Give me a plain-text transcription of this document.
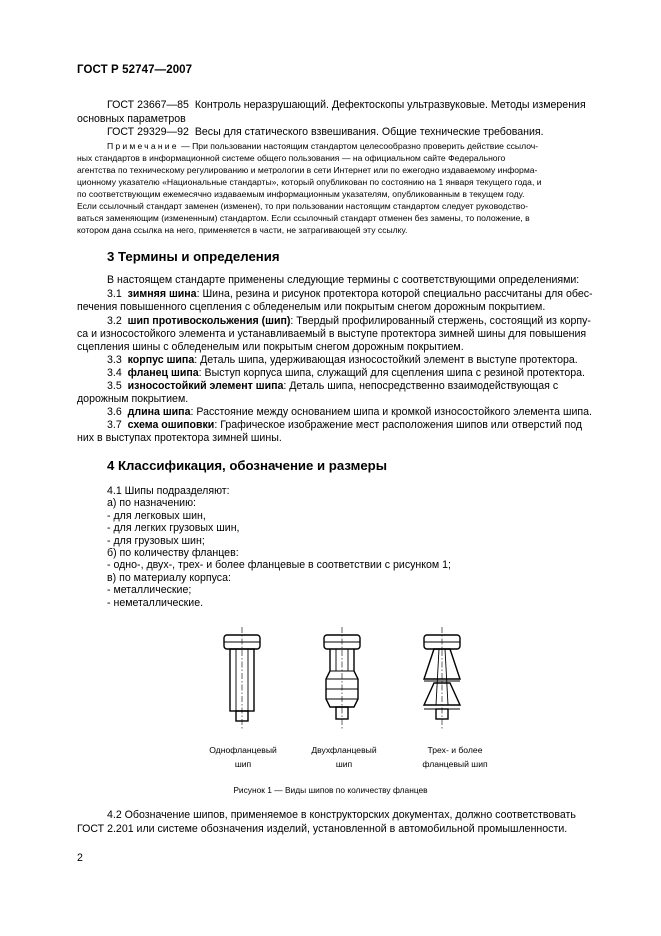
ГОСТ Р 52747—2007
ГОСТ 23667—85 Контроль неразрушающий. Дефектоскопы ультразвуковые. Методы измерения
основных параметров
ГОСТ 29329—92 Весы для статического взвешивания. Общие технические требования.
Примечание — При пользовании настоящим стандартом целесообразно проверить действие ссылоч-
ных стандартов в информационной системе общего пользования — на официальном сайте Федерального
агентства по техническому регулированию и метрологии в сети Интернет или по ежегодно издаваемому информа-
ционному указателю «Национальные стандарты», который опубликован по состоянию на 1 января текущего года, и
по соответствующим ежемесячно издаваемым информационным указателям, опубликованным в текущем году.
Если ссылочный стандарт заменен (изменен), то при пользовании настоящим стандартом следует руководство-
ваться заменяющим (измененным) стандартом. Если ссылочный стандарт отменен без замены, то положение, в
котором дана ссылка на него, применяется в части, не затрагивающей эту ссылку.
3 Термины и определения
В настоящем стандарте применены следующие термины с соответствующими определениями:
3.1 зимняя шина: Шина, резина и рисунок протектора которой специально рассчитаны для обес-
печения повышенного сцепления с обледенелым или покрытым снегом дорожным покрытием.
3.2 шип противоскольжения (шип): Твердый профилированный стержень, состоящий из корпу-
са и износостойкого элемента и устанавливаемый в выступе протектора зимней шины для повышения
сцепления шины с обледенелым или покрытым снегом дорожным покрытием.
3.3 корпус шипа: Деталь шипа, удерживающая износостойкий элемент в выступе протектора.
3.4 фланец шипа: Выступ корпуса шипа, служащий для сцепления шипа с резиной протектора.
3.5 износостойкий элемент шипа: Деталь шипа, непосредственно взаимодействующая с
дорожным покрытием.
3.6 длина шипа: Расстояние между основанием шипа и кромкой износостойкого элемента шипа.
3.7 схема ошиповки: Графическое изображение мест расположения шипов или отверстий под
них в выступах протектора зимней шины.
4 Классификация, обозначение и размеры
4.1 Шипы подразделяют:
а) по назначению:
- для легковых шин,
- для легких грузовых шин,
- для грузовых шин;
б) по количеству фланцев:
- одно-, двух-, трех- и более фланцевые в соответствии с рисунком 1;
в) по материалу корпуса:
- металлические;
- неметаллические.
Однофланцевый
шип
Двухфланцевый
шип
Трех- и более
фланцевый шип
Рисунок 1 — Виды шипов по количеству фланцев
4.2 Обозначение шипов, применяемое в конструкторских документах, должно соответствовать
ГОСТ 2.201 или системе обозначения изделий, установленной в автомобильной промышленности.
2
